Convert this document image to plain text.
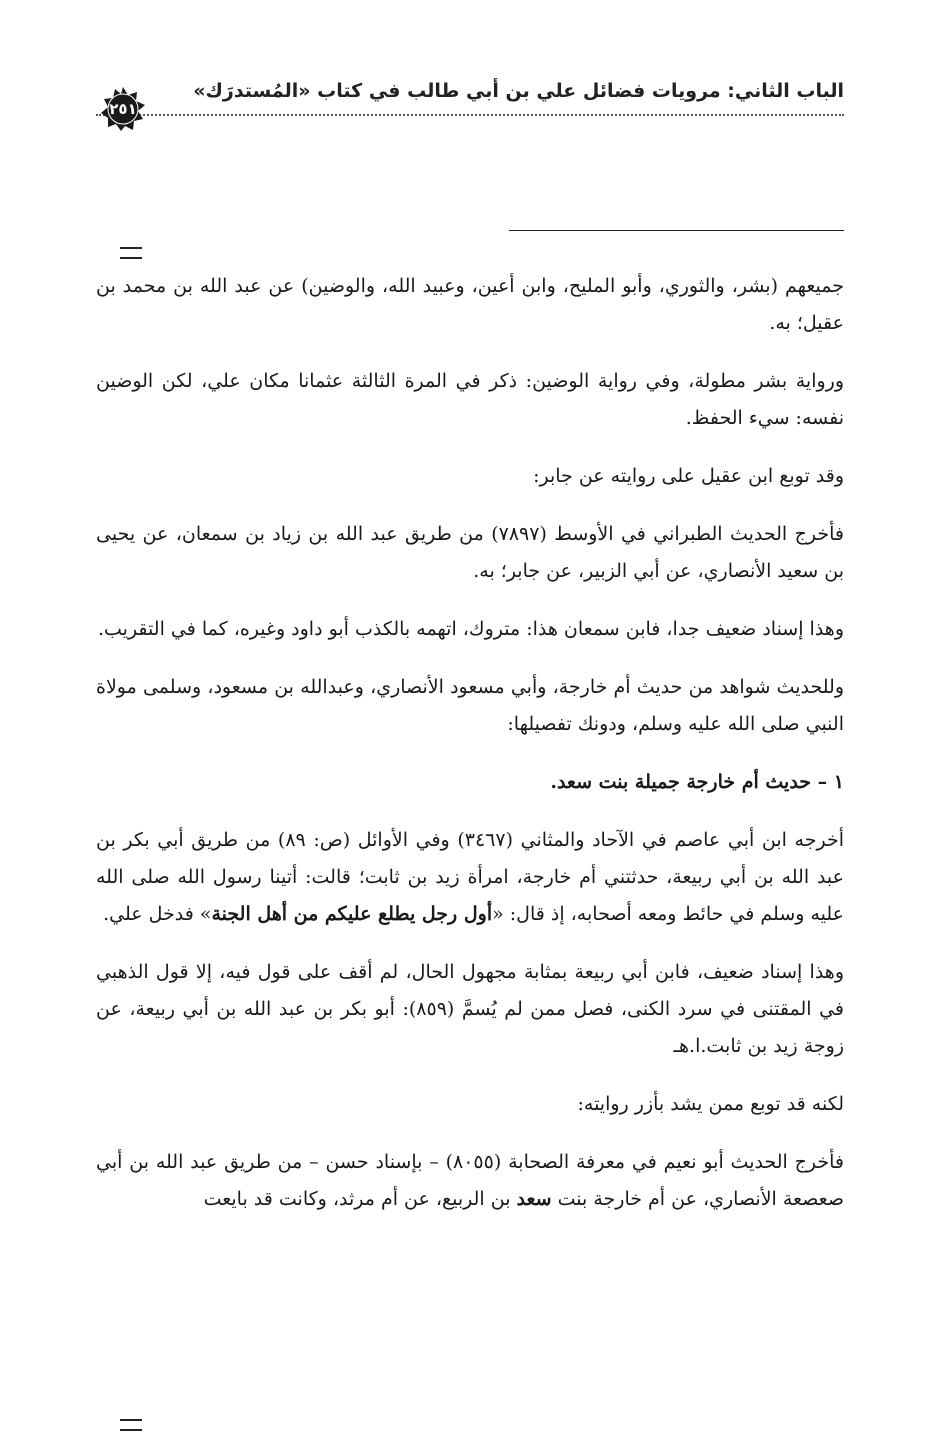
الباب الثاني: مرويات فضائل علي بن أبي طالب في كتاب «المُستدرَك»
٢٥١

جميعهم (بشر، والثوري، وأبو المليح، وابن أعين، وعبيد الله، والوضين) عن عبد الله بن محمد بن عقيل؛ به.

ورواية بشر مطولة، وفي رواية الوضين: ذكر في المرة الثالثة عثمانا مكان علي، لكن الوضين نفسه: سيء الحفظ.

وقد توبع ابن عقيل على روايته عن جابر:

فأخرج الحديث الطبراني في الأوسط (٧٨٩٧) من طريق عبد الله بن زياد بن سمعان، عن يحيى بن سعيد الأنصاري، عن أبي الزبير، عن جابر؛ به.

وهذا إسناد ضعيف جدا، فابن سمعان هذا: متروك، اتهمه بالكذب أبو داود وغيره، كما في التقريب.

وللحديث شواهد من حديث أم خارجة، وأبي مسعود الأنصاري، وعبدالله بن مسعود، وسلمى مولاة النبي صلى الله عليه وسلم، ودونك تفصيلها:

١ – حديث أم خارجة جميلة بنت سعد.

أخرجه ابن أبي عاصم في الآحاد والمثاني (٣٤٦٧) وفي الأوائل (ص: ٨٩) من طريق أبي بكر بن عبد الله بن أبي ربيعة، حدثتني أم خارجة، امرأة زيد بن ثابت؛ قالت: أتينا رسول الله صلى الله عليه وسلم في حائط ومعه أصحابه، إذ قال: «أول رجل يطلع عليكم من أهل الجنة» فدخل علي.

وهذا إسناد ضعيف، فابن أبي ربيعة بمثابة مجهول الحال، لم أقف على قول فيه، إلا قول الذهبي في المقتنى في سرد الكنى، فصل ممن لم يُسمَّ (٨٥٩): أبو بكر بن عبد الله بن أبي ربيعة، عن زوجة زيد بن ثابت.ا.هـ

لكنه قد توبع ممن يشد بأزر روايته:

فأخرج الحديث أبو نعيم في معرفة الصحابة (٨٠٥٥) – بإسناد حسن – من طريق عبد الله بن أبي صعصعة الأنصاري، عن أم خارجة بنت سعد بن الربيع، عن أم مرثد، وكانت قد بايعت
